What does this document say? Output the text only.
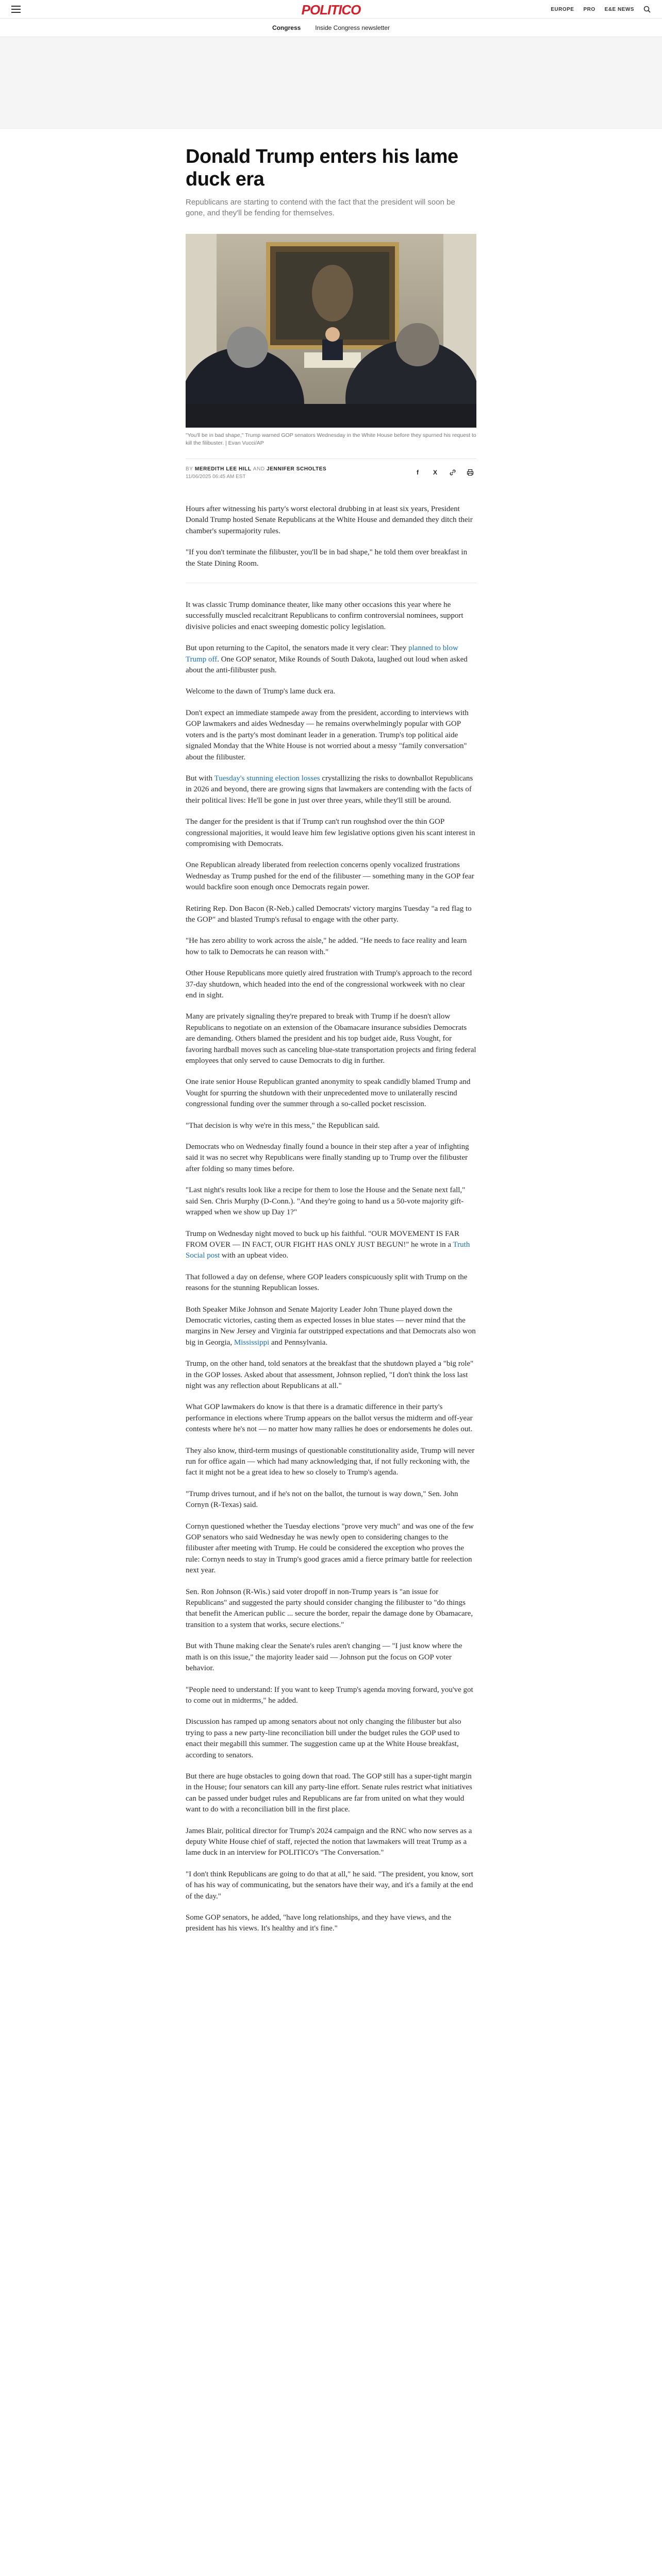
POLITICO	EUROPE PRO E&E NEWS
Congress Inside Congress newsletter
Donald Trump enters his lame duck era

Republicans are starting to contend with the fact that the president will soon be gone, and they'll be fending for themselves.

"You'll be in bad shape," Trump warned GOP senators Wednesday in the White House before they spurned his request to kill the filibuster. | Evan Vucci/AP

BY MEREDITH LEE HILL AND JENNIFER SCHOLTES
11/06/2025 06:45 AM EST
f X

Hours after witnessing his party's worst electoral drubbing in at least six years, President Donald Trump hosted Senate Republicans at the White House and demanded they ditch their chamber's supermajority rules.

"If you don't terminate the filibuster, you'll be in bad shape," he told them over breakfast in the State Dining Room.

It was classic Trump dominance theater, like many other occasions this year where he successfully muscled recalcitrant Republicans to confirm controversial nominees, support divisive policies and enact sweeping domestic policy legislation.

But upon returning to the Capitol, the senators made it very clear: They planned to blow Trump off. One GOP senator, Mike Rounds of South Dakota, laughed out loud when asked about the anti-filibuster push.

Welcome to the dawn of Trump's lame duck era.

Don't expect an immediate stampede away from the president, according to interviews with GOP lawmakers and aides Wednesday — he remains overwhelmingly popular with GOP voters and is the party's most dominant leader in a generation. Trump's top political aide signaled Monday that the White House is not worried about a messy "family conversation" about the filibuster.

But with Tuesday's stunning election losses crystallizing the risks to downballot Republicans in 2026 and beyond, there are growing signs that lawmakers are contending with the facts of their political lives: He'll be gone in just over three years, while they'll still be around.

The danger for the president is that if Trump can't run roughshod over the thin GOP congressional majorities, it would leave him few legislative options given his scant interest in compromising with Democrats.

One Republican already liberated from reelection concerns openly vocalized frustrations Wednesday as Trump pushed for the end of the filibuster — something many in the GOP fear would backfire soon enough once Democrats regain power.

Retiring Rep. Don Bacon (R-Neb.) called Democrats' victory margins Tuesday "a red flag to the GOP" and blasted Trump's refusal to engage with the other party.

"He has zero ability to work across the aisle," he added. "He needs to face reality and learn how to talk to Democrats he can reason with."

Other House Republicans more quietly aired frustration with Trump's approach to the record 37-day shutdown, which headed into the end of the congressional workweek with no clear end in sight.

Many are privately signaling they're prepared to break with Trump if he doesn't allow Republicans to negotiate on an extension of the Obamacare insurance subsidies Democrats are demanding. Others blamed the president and his top budget aide, Russ Vought, for favoring hardball moves such as canceling blue-state transportation projects and firing federal employees that only served to cause Democrats to dig in further.

One irate senior House Republican granted anonymity to speak candidly blamed Trump and Vought for spurring the shutdown with their unprecedented move to unilaterally rescind congressional funding over the summer through a so-called pocket rescission.

"That decision is why we're in this mess," the Republican said.

Democrats who on Wednesday finally found a bounce in their step after a year of infighting said it was no secret why Republicans were finally standing up to Trump over the filibuster after folding so many times before.

"Last night's results look like a recipe for them to lose the House and the Senate next fall," said Sen. Chris Murphy (D-Conn.). "And they're going to hand us a 50-vote majority gift-wrapped when we show up Day 1?"

Trump on Wednesday night moved to buck up his faithful. "OUR MOVEMENT IS FAR FROM OVER — IN FACT, OUR FIGHT HAS ONLY JUST BEGUN!" he wrote in a Truth Social post with an upbeat video.

That followed a day on defense, where GOP leaders conspicuously split with Trump on the reasons for the stunning Republican losses.

Both Speaker Mike Johnson and Senate Majority Leader John Thune played down the Democratic victories, casting them as expected losses in blue states — never mind that the margins in New Jersey and Virginia far outstripped expectations and that Democrats also won big in Georgia, Mississippi and Pennsylvania.

Trump, on the other hand, told senators at the breakfast that the shutdown played a "big role" in the GOP losses. Asked about that assessment, Johnson replied, "I don't think the loss last night was any reflection about Republicans at all."

What GOP lawmakers do know is that there is a dramatic difference in their party's performance in elections where Trump appears on the ballot versus the midterm and off-year contests where he's not — no matter how many rallies he does or endorsements he doles out.

They also know, third-term musings of questionable constitutionality aside, Trump will never run for office again — which had many acknowledging that, if not fully reckoning with, the fact it might not be a great idea to hew so closely to Trump's agenda.

"Trump drives turnout, and if he's not on the ballot, the turnout is way down," Sen. John Cornyn (R-Texas) said.

Cornyn questioned whether the Tuesday elections "prove very much" and was one of the few GOP senators who said Wednesday he was newly open to considering changes to the filibuster after meeting with Trump. He could be considered the exception who proves the rule: Cornyn needs to stay in Trump's good graces amid a fierce primary battle for reelection next year.

Sen. Ron Johnson (R-Wis.) said voter dropoff in non-Trump years is "an issue for Republicans" and suggested the party should consider changing the filibuster to "do things that benefit the American public ... secure the border, repair the damage done by Obamacare, transition to a system that works, secure elections."

But with Thune making clear the Senate's rules aren't changing — "I just know where the math is on this issue," the majority leader said — Johnson put the focus on GOP voter behavior.

"People need to understand: If you want to keep Trump's agenda moving forward, you've got to come out in midterms," he added.

Discussion has ramped up among senators about not only changing the filibuster but also trying to pass a new party-line reconciliation bill under the budget rules the GOP used to enact their megabill this summer. The suggestion came up at the White House breakfast, according to senators.

But there are huge obstacles to going down that road. The GOP still has a super-tight margin in the House; four senators can kill any party-line effort. Senate rules restrict what initiatives can be passed under budget rules and Republicans are far from united on what they would want to do with a reconciliation bill in the first place.

James Blair, political director for Trump's 2024 campaign and the RNC who now serves as a deputy White House chief of staff, rejected the notion that lawmakers will treat Trump as a lame duck in an interview for POLITICO's "The Conversation."

"I don't think Republicans are going to do that at all," he said. "The president, you know, sort of has his way of communicating, but the senators have their way, and it's a family at the end of the day."

Some GOP senators, he added, "have long relationships, and they have views, and the president has his views. It's healthy and it's fine."
